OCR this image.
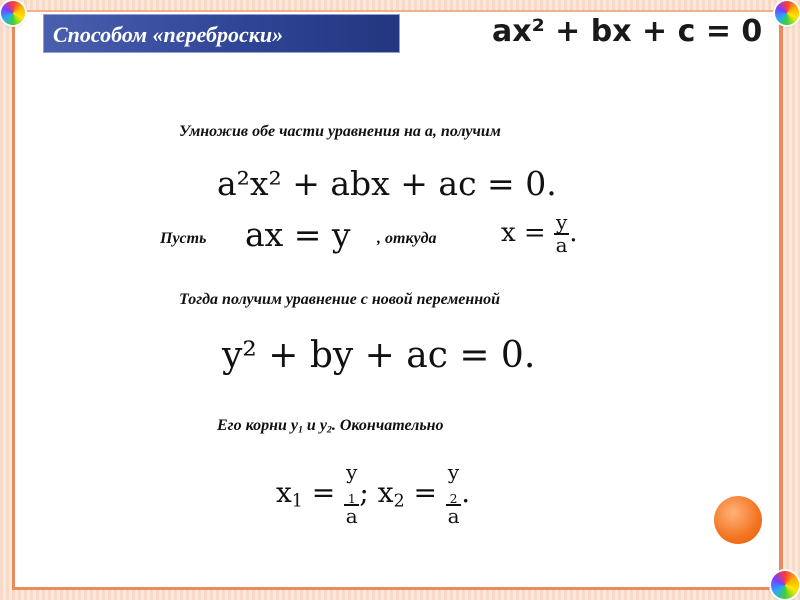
Способом «переброски»	ax² + bx + c = 0
Умножив обе части уравнения на а, получим
a²x² + abx + ac = 0.
Пусть ax = y , откуда $x = \frac{y}{a}$ .
Тогда получим уравнение с новой переменной
y² + by + ac = 0.
Его корни $у_1$ и $у_2$. Окончательно
$x_1 = y$
$_1$
a ; $x_2 = y$
$_2$
a .
